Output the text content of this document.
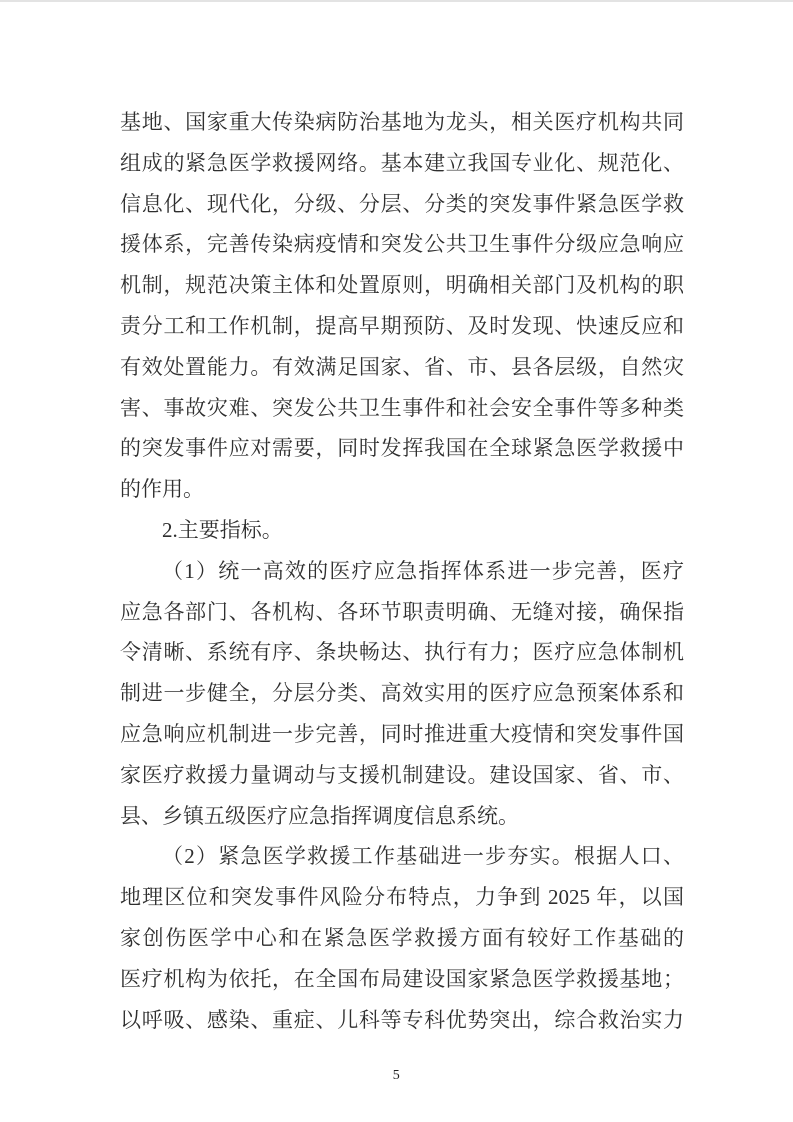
基地、国家重大传染病防治基地为龙头，相关医疗机构共同
组成的紧急医学救援网络。基本建立我国专业化、规范化、
信息化、现代化，分级、分层、分类的突发事件紧急医学救
援体系，完善传染病疫情和突发公共卫生事件分级应急响应
机制，规范决策主体和处置原则，明确相关部门及机构的职
责分工和工作机制，提高早期预防、及时发现、快速反应和
有效处置能力。有效满足国家、省、市、县各层级，自然灾
害、事故灾难、突发公共卫生事件和社会安全事件等多种类
的突发事件应对需要，同时发挥我国在全球紧急医学救援中
的作用。
2.主要指标。
（1）统一高效的医疗应急指挥体系进一步完善，医疗
应急各部门、各机构、各环节职责明确、无缝对接，确保指
令清晰、系统有序、条块畅达、执行有力；医疗应急体制机
制进一步健全，分层分类、高效实用的医疗应急预案体系和
应急响应机制进一步完善，同时推进重大疫情和突发事件国
家医疗救援力量调动与支援机制建设。建设国家、省、市、
县、乡镇五级医疗应急指挥调度信息系统。
（2）紧急医学救援工作基础进一步夯实。根据人口、
地理区位和突发事件风险分布特点，力争到 2025 年，以国
家创伤医学中心和在紧急医学救援方面有较好工作基础的
医疗机构为依托，在全国布局建设国家紧急医学救援基地；
以呼吸、感染、重症、儿科等专科优势突出，综合救治实力
5
